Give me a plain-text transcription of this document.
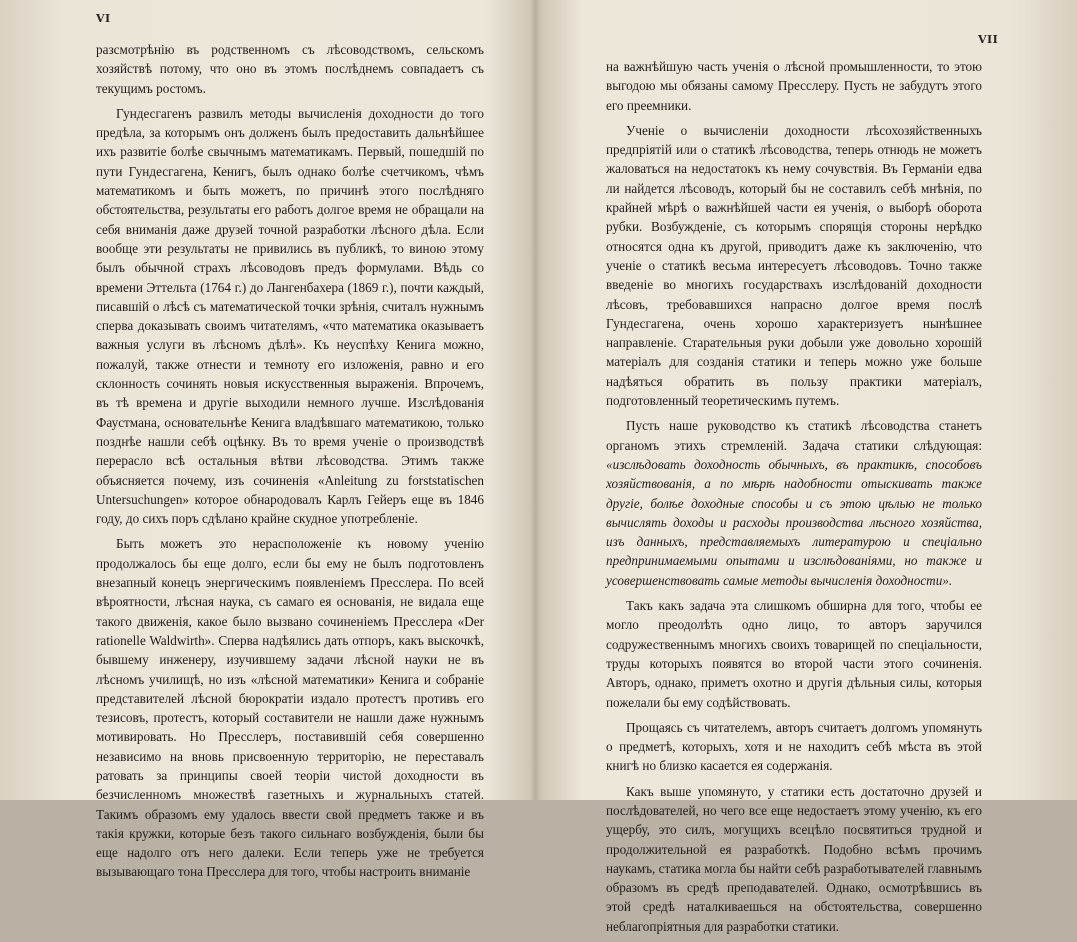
VI

разсмотрѣнію въ родственномъ съ лѣсоводствомъ, сельскомъ хозяйствѣ потому, что оно въ этомъ послѣднемъ совпадаетъ съ текущимъ ростомъ.

Гундесгагенъ развилъ методы вычисленія доходности до того предѣла, за которымъ онъ долженъ былъ предоставить дальнѣйшее ихъ развитіе болѣе свычнымъ математикамъ. Первый, пошедшій по пути Гундесгагена, Кенигъ, былъ однако болѣе счетчикомъ, чѣмъ математикомъ и быть можетъ, по причинѣ этого послѣдняго обстоятельства, результаты его работъ долгое время не обращали на себя вниманія даже друзей точной разработки лѣсного дѣла. Если вообще эти результаты не привились въ публикѣ, то виною этому былъ обычной страхъ лѣсоводовъ предъ формулами. Вѣдь со времени Эттельта (1764 г.) до Лангенбахера (1869 г.), почти каждый, писавшій о лѣсѣ съ математической точки зрѣнія, считалъ нужнымъ сперва доказывать своимъ читателямъ, «что математика оказываетъ важныя услуги въ лѣсномъ дѣлѣ». Къ неуспѣху Кенига можно, пожалуй, также отнести и темноту его изложенія, равно и его склонность сочинять новыя искусственныя выраженія. Впрочемъ, въ тѣ времена и другіе выходили немного лучше. Изслѣдованія Фаустмана, основательнѣе Кенига владѣвшаго математикою, только позднѣе нашли себѣ оцѣнку. Въ то время ученіе о производствѣ перерасло всѣ остальныя вѣтви лѣсоводства. Этимъ также объясняется почему, изъ сочиненія «Anleitung zu forststatischen Untersuchungen» которое обнародовалъ Карлъ Гейеръ еще въ 1846 году, до сихъ поръ сдѣлано крайне скудное употребленіе.

Быть можетъ это нерасположеніе къ новому ученію продолжалось бы еще долго, если бы ему не былъ подготовленъ внезапный конецъ энергическимъ появленіемъ Пресслера. По всей вѣроятности, лѣсная наука, съ самаго ея основанія, не видала еще такого движенія, какое было вызвано сочиненіемъ Пресслера «Der rationelle Waldwirth». Сперва надѣялись дать отпоръ, какъ выскочкѣ, бывшему инженеру, изучившему задачи лѣсной науки не въ лѣсномъ училищѣ, но изъ «лѣсной математики» Кенига и собраніе представителей лѣсной бюрократіи издало протестъ противъ его тезисовъ, протестъ, который составители не нашли даже нужнымъ мотивировать. Но Пресслеръ, поставившій себя совершенно независимо на вновь присвоенную территорію, не переставалъ ратовать за принципы своей теоріи чистой доходности въ безчисленномъ множествѣ газетныхъ и журнальныхъ статей. Такимъ образомъ ему удалось ввести свой предметъ также и въ такія кружки, которые безъ такого сильнаго возбужденія, были бы еще надолго отъ него далеки. Если теперь уже не требуется вызывающаго тона Пресслера для того, чтобы настроить вниманіе

VII

на важнѣйшую часть ученія о лѣсной промышленности, то этою выгодою мы обязаны самому Пресслеру. Пусть не забудутъ этого его преемники.

Ученіе о вычисленіи доходности лѣсохозяйственныхъ предпріятій или о статикѣ лѣсоводства, теперь отнюдь не можетъ жаловаться на недостатокъ къ нему сочувствія. Въ Германіи едва ли найдется лѣсоводъ, который бы не составилъ себѣ мнѣнія, по крайней мѣрѣ о важнѣйшей части ея ученія, о выборѣ оборота рубки. Возбужденіе, съ которымъ спорящія стороны нерѣдко относятся одна къ другой, приводитъ даже къ заключенію, что ученіе о статикѣ весьма интересуетъ лѣсоводовъ. Точно также введеніе во многихъ государствахъ изслѣдованій доходности лѣсовъ, требовавшихся напрасно долгое время послѣ Гундесгагена, очень хорошо характеризуетъ нынѣшнее направленіе. Старательныя руки добыли уже довольно хорошій матеріалъ для созданія статики и теперь можно уже больше надѣяться обратить въ пользу практики матеріалъ, подготовленный теоретическимъ путемъ.

Пусть наше руководство къ статикѣ лѣсоводства станетъ органомъ этихъ стремленій. Задача статики слѣдующая: «изслѣдовать доходность обычныхъ, въ практикѣ, способовъ хозяйствованія, а по мѣрѣ надобности отыскивать также другіе, болѣе доходные способы и съ этою цѣлью не только вычислять доходы и расходы производства лѣсного хозяйства, изъ данныхъ, представляемыхъ литературою и спеціально предпринимаемыми опытами и изслѣдованіями, но также и усовершенствовать самые методы вычисленія доходности».

Такъ какъ задача эта слишкомъ обширна для того, чтобы ее могло преодолѣть одно лицо, то авторъ заручился содружественнымъ многихъ своихъ товарищей по спеціальности, труды которыхъ появятся во второй части этого сочиненія. Авторъ, однако, приметъ охотно и другія дѣльныя силы, которыя пожелали бы ему содѣйствовать.

Прощаясь съ читателемъ, авторъ считаетъ долгомъ упомянуть о предметѣ, которыхъ, хотя и не находитъ себѣ мѣста въ этой книгѣ но близко касается ея содержанія.

Какъ выше упомянуто, у статики есть достаточно друзей и послѣдователей, но чего все еще недостаетъ этому ученію, къ его ущербу, это силъ, могущихъ всецѣло посвятиться трудной и продолжительной ея разработкѣ. Подобно всѣмъ прочимъ наукамъ, статика могла бы найти себѣ разработывателей главнымъ образомъ въ средѣ преподавателей. Однако, осмотрѣвшись въ этой средѣ наталкиваешься на обстоятельства, совершенно неблагопріятныя для разработки статики.
